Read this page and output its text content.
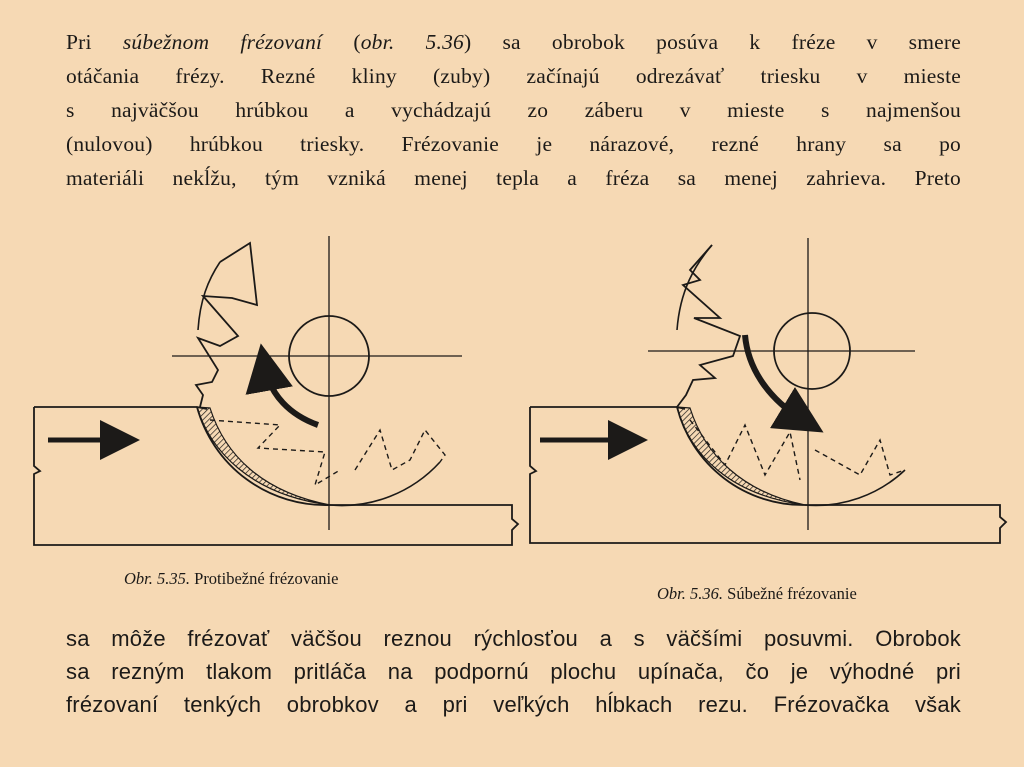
Pri súbežnom frézovaní (obr. 5.36) sa obrobok posúva k fréze v smere
otáčania frézy. Rezné kliny (zuby) začínajú odrezávať triesku v mieste
s najväčšou hrúbkou a vychádzajú zo záberu v mieste s najmenšou
(nulovou) hrúbkou triesky. Frézovanie je nárazové, rezné hrany sa po
materiáli nekĺžu, tým vzniká menej tepla a fréza sa menej zahrieva. Preto
Obr. 5.35. Protibežné frézovanie
Obr. 5.36. Súbežné frézovanie
sa môže frézovať väčšou reznou rýchlosťou a s väčšími posuvmi. Obrobok
sa rezným tlakom pritláča na podpornú plochu upínača, čo je výhodné pri
frézovaní tenkých obrobkov a pri veľkých hĺbkach rezu. Frézovačka však
